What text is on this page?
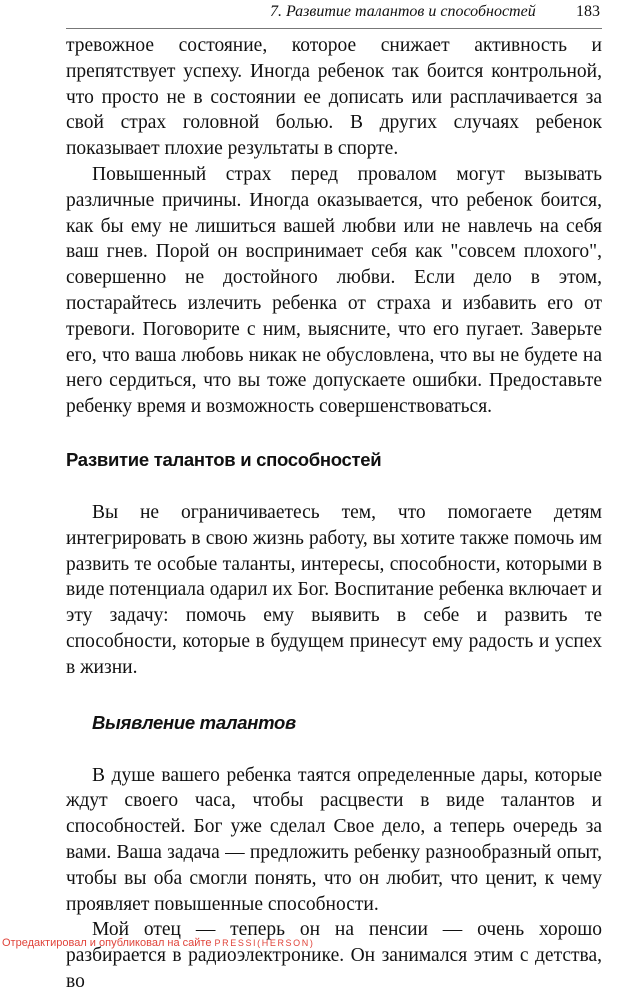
7. Развитие талантов и способностей	183

тревожное состояние, которое снижает активность и препятствует успеху. Иногда ребенок так боится контрольной, что просто не в состоянии ее дописать или расплачивается за свой страх головной болью. В других случаях ребенок показывает плохие результаты в спорте.

Повышенный страх перед провалом могут вызывать различные причины. Иногда оказывается, что ребенок боится, как бы ему не лишиться вашей любви или не навлечь на себя ваш гнев. Порой он воспринимает себя как "совсем плохого", совершенно не достойного любви. Если дело в этом, постарайтесь излечить ребенка от страха и избавить его от тревоги. Поговорите с ним, выясните, что его пугает. Заверьте его, что ваша любовь никак не обусловлена, что вы не будете на него сердиться, что вы тоже допускаете ошибки. Предоставьте ребенку время и возможность совершенствоваться.

Развитие талантов и способностей

Вы не ограничиваетесь тем, что помогаете детям интегрировать в свою жизнь работу, вы хотите также помочь им развить те особые таланты, интересы, способности, которыми в виде потенциала одарил их Бог. Воспитание ребенка включает и эту задачу: помочь ему выявить в себе и развить те способности, которые в будущем принесут ему радость и успех в жизни.

Выявление талантов

В душе вашего ребенка таятся определенные дары, которые ждут своего часа, чтобы расцвести в виде талантов и способностей. Бог уже сделал Свое дело, а теперь очередь за вами. Ваша задача — предложить ребенку разнообразный опыт, чтобы вы оба смогли понять, что он любит, что ценит, к чему проявляет повышенные способности.

Мой отец — теперь он на пенсии — очень хорошо разбирается в радиоэлектронике. Он занимался этим с детства, во

Отредактировал и опубликовал на сайте PRESSI(HERSON)
